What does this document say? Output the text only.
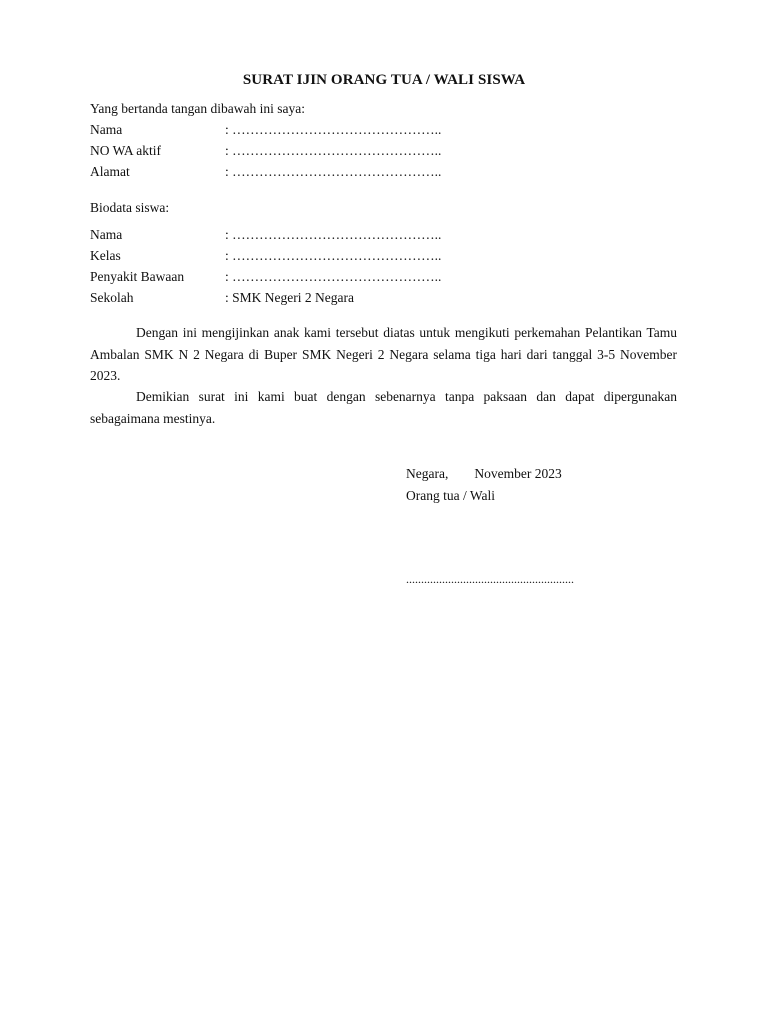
SURAT IJIN ORANG TUA / WALI SISWA
Yang bertanda tangan dibawah ini saya:
Nama	: ………………………………………..
NO WA aktif	: ………………………………………..
Alamat	: ………………………………………..
Biodata siswa:
Nama	: ………………………………………..
Kelas	: ………………………………………..
Penyakit Bawaan	: ………………………………………..
Sekolah	: SMK Negeri 2 Negara
Dengan ini mengijinkan anak kami tersebut diatas untuk mengikuti perkemahan Pelantikan Tamu Ambalan SMK N 2 Negara di Buper SMK Negeri 2 Negara selama tiga hari dari tanggal 3-5 November 2023.
Demikian surat ini kami buat dengan sebenarnya tanpa paksaan dan dapat dipergunakan sebagaimana mestinya.
Negara, November 2023
Orang tua / Wali
........................................................
